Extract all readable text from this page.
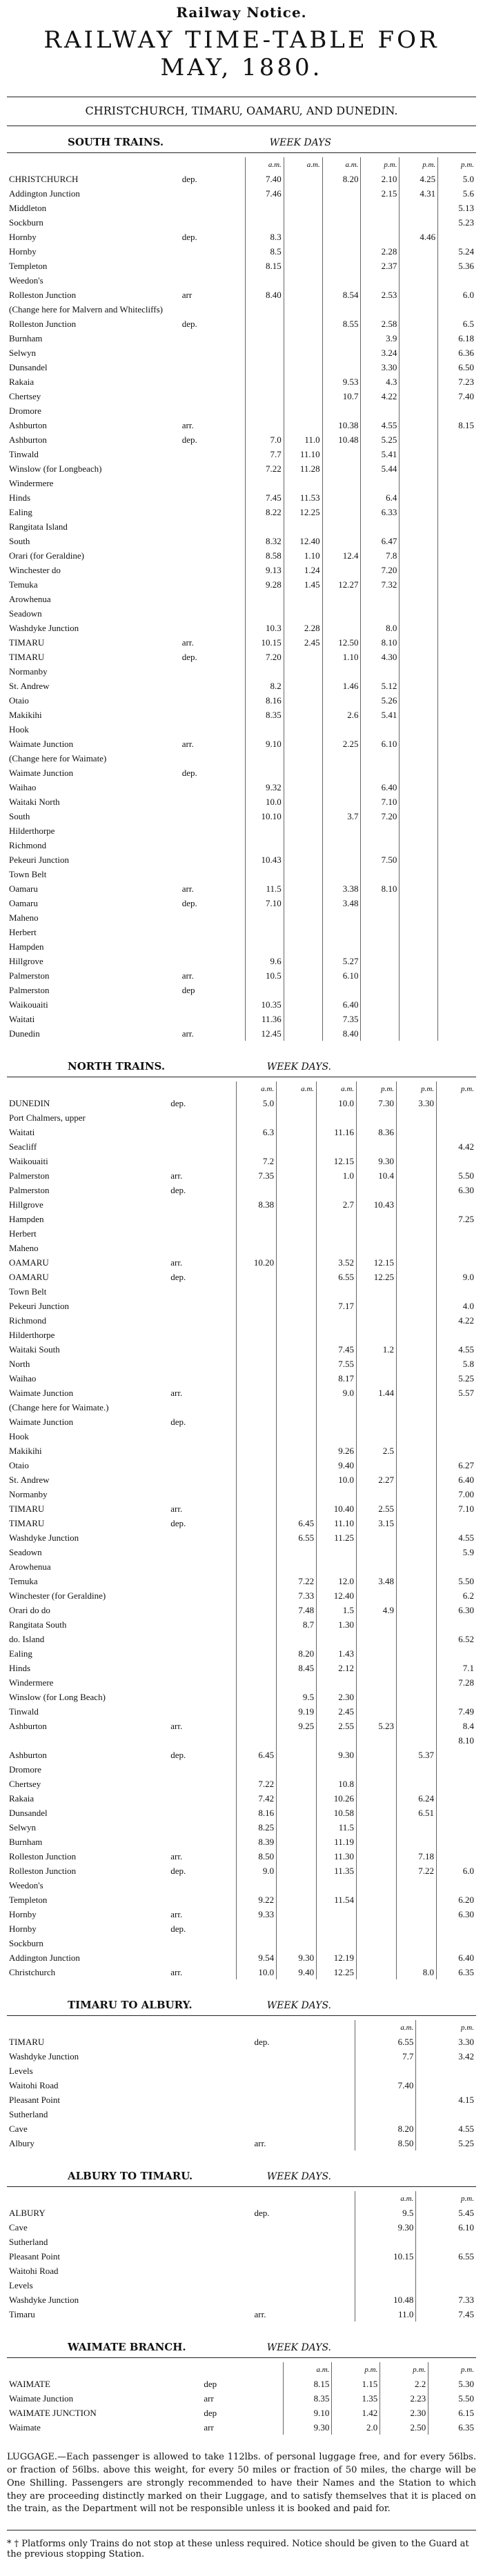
Railway Notice.
RAILWAY TIME-TABLE FOR MAY, 1880.
CHRISTCHURCH, TIMARU, OAMARU, AND DUNEDIN.
SOUTH TRAINS.	WEEK DAYS
		a.m.	a.m.	a.m.	p.m.	p.m.	p.m.
CHRISTCHURCH	dep.	7.40		8.20	2.10	4.25	5.0
Addington Junction		7.46			2.15	4.31	5.6
Middleton							5.13
Sockburn							5.23
Hornby	dep.	8.3				4.46	
Hornby		8.5			2.28		5.24
Templeton		8.15			2.37		5.36
Weedon's							
Rolleston Junction	arr	8.40		8.54	2.53		6.0
(Change here for Malvern and Whitecliffs)							
Rolleston Junction	dep.			8.55	2.58		6.5
Burnham					3.9		6.18
Selwyn					3.24		6.36
Dunsandel					3.30		6.50
Rakaia				9.53	4.3		7.23
Chertsey				10.7	4.22		7.40
Dromore							
Ashburton	arr.			10.38	4.55		8.15
Ashburton	dep.	7.0	11.0	10.48	5.25		
Tinwald		7.7	11.10		5.41		
Winslow (for Longbeach)		7.22	11.28		5.44		
Windermere							
Hinds		7.45	11.53		6.4		
Ealing		8.22	12.25		6.33		
Rangitata Island							
South		8.32	12.40		6.47		
Orari (for Geraldine)		8.58	1.10	12.4	7.8		
Winchester do		9.13	1.24		7.20		
Temuka		9.28	1.45	12.27	7.32		
Arowhenua							
Seadown							
Washdyke Junction		10.3	2.28		8.0		
TIMARU	arr.	10.15	2.45	12.50	8.10		
TIMARU	dep.	7.20		1.10	4.30		
Normanby							
St. Andrew		8.2		1.46	5.12		
Otaio		8.16			5.26		
Makikihi		8.35		2.6	5.41		
Hook							
Waimate Junction	arr.	9.10		2.25	6.10		
(Change here for Waimate)							
Waimate Junction	dep.						
Waihao		9.32			6.40		
Waitaki North		10.0			7.10		
South		10.10		3.7	7.20		
Hilderthorpe							
Richmond							
Pekeuri Junction		10.43			7.50		
Town Belt							
Oamaru	arr.	11.5		3.38	8.10		
Oamaru	dep.	7.10		3.48			
Maheno							
Herbert							
Hampden							
Hillgrove		9.6		5.27			
Palmerston	arr.	10.5		6.10			
Palmerston	dep						
Waikouaiti		10.35		6.40			
Waitati		11.36		7.35			
Dunedin	arr.	12.45		8.40			
NORTH TRAINS.	WEEK DAYS.
		a.m.	a.m.	a.m.	p.m.	p.m.	p.m.
DUNEDIN	dep.	5.0		10.0	7.30	3.30	
Port Chalmers, upper							
Waitati		6.3		11.16	8.36		
Seacliff							4.42
Waikouaiti		7.2		12.15	9.30		
Palmerston	arr.	7.35		1.0	10.4		5.50
Palmerston	dep.						6.30
Hillgrove		8.38		2.7	10.43		
Hampden							7.25
Herbert							
Maheno							
OAMARU	arr.	10.20		3.52	12.15		
OAMARU	dep.			6.55	12.25		9.0
Town Belt							
Pekeuri Junction				7.17			4.0
Richmond							4.22
Hilderthorpe							
Waitaki South				7.45	1.2		4.55
North				7.55			5.8
Waihao				8.17			5.25
Waimate Junction	arr.			9.0	1.44		5.57
(Change here for Waimate.)							
Waimate Junction	dep.						
Hook							
Makikihi				9.26	2.5		
Otaio				9.40			6.27
St. Andrew				10.0	2.27		6.40
Normanby							7.00
TIMARU	arr.			10.40	2.55		7.10
TIMARU	dep.		6.45	11.10	3.15		
Washdyke Junction			6.55	11.25			4.55
Seadown							5.9
Arowhenua							
Temuka			7.22	12.0	3.48		5.50
Winchester (for Geraldine)			7.33	12.40			6.2
Orari do do			7.48	1.5	4.9		6.30
Rangitata South			8.7	1.30			
do. Island							6.52
Ealing			8.20	1.43			
Hinds			8.45	2.12			7.1
Windermere							7.28
Winslow (for Long Beach)			9.5	2.30			
Tinwald			9.19	2.45			7.49
Ashburton	arr.		9.25	2.55	5.23		8.4
							8.10
Ashburton	dep.	6.45		9.30		5.37	
Dromore							
Chertsey		7.22		10.8			
Rakaia		7.42		10.26		6.24	
Dunsandel		8.16		10.58		6.51	
Selwyn		8.25		11.5			
Burnham		8.39		11.19			
Rolleston Junction	arr.	8.50		11.30		7.18	
Rolleston Junction	dep.	9.0		11.35		7.22	6.0
Weedon's							
Templeton		9.22		11.54			6.20
Hornby	arr.	9.33					6.30
Hornby	dep.						
Sockburn							
Addington Junction		9.54	9.30	12.19			6.40
Christchurch	arr.	10.0	9.40	12.25		8.0	6.35
TIMARU TO ALBURY.	WEEK DAYS.
		a.m.	p.m.
TIMARU	dep.	6.55	3.30
Washdyke Junction		7.7	3.42
Levels			
Waitohi Road		7.40	
Pleasant Point			4.15
Sutherland			
Cave		8.20	4.55
Albury	arr.	8.50	5.25
ALBURY TO TIMARU.	WEEK DAYS.
		a.m.	p.m.
ALBURY	dep.	9.5	5.45
Cave		9.30	6.10
Sutherland			
Pleasant Point		10.15	6.55
Waitohi Road			
Levels			
Washdyke Junction		10.48	7.33
Timaru	arr.	11.0	7.45
WAIMATE BRANCH.	WEEK DAYS.
		a.m.	p.m.	p.m.	p.m.
WAIMATE	dep	8.15	1.15	2.2	5.30
Waimate Junction	arr	8.35	1.35	2.23	5.50
WAIMATE JUNCTION	dep	9.10	1.42	2.30	6.15
Waimate	arr	9.30	2.0	2.50	6.35
LUGGAGE.—Each passenger is allowed to take 112lbs. of personal luggage free, and for every 56lbs. or fraction of 56lbs. above this weight, for every 50 miles or fraction of 50 miles, the charge will be One Shilling. Passengers are strongly recommended to have their Names and the Station to which they are proceeding distinctly marked on their Luggage, and to satisfy themselves that it is placed on the train, as the Department will not be responsible unless it is booked and paid for.
* † Platforms only Trains do not stop at these unless required. Notice should be given to the Guard at the previous stopping Station.
